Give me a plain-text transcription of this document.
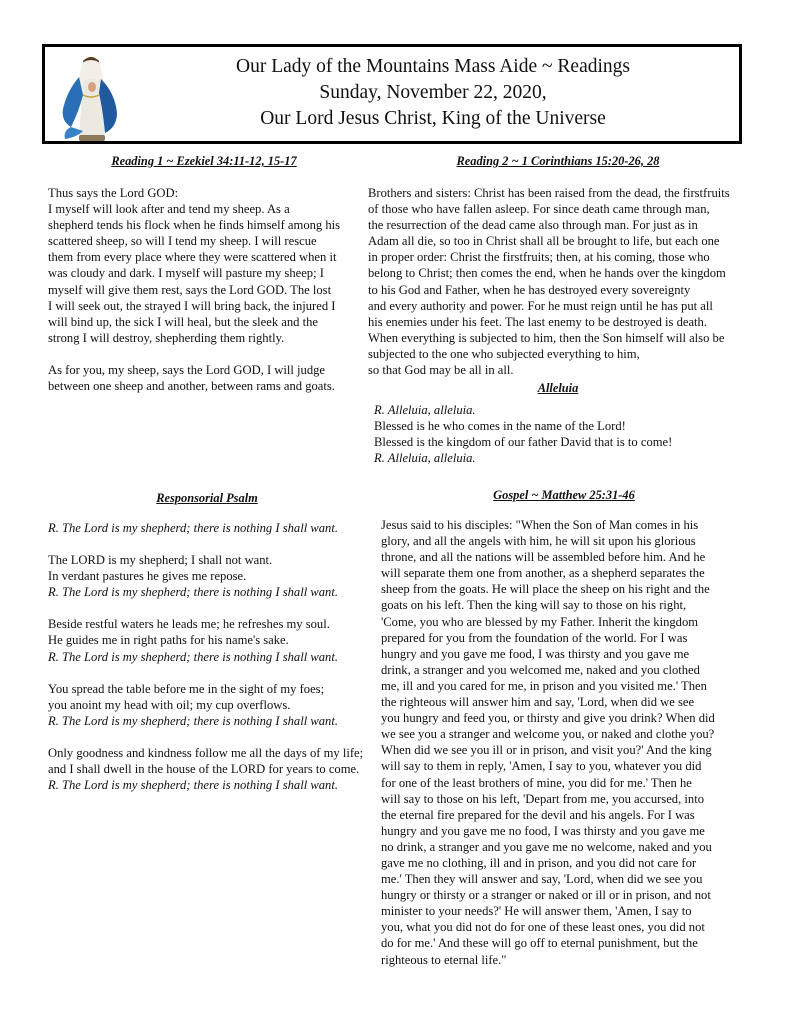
Our Lady of the Mountains Mass Aide ~ Readings
Sunday, November 22, 2020,
Our Lord Jesus Christ, King of the Universe
Reading 1 ~ Ezekiel 34:11-12, 15-17
Thus says the Lord GOD:
I myself will look after and tend my sheep. As a
shepherd tends his flock when he finds himself among his
scattered sheep, so will I tend my sheep. I will rescue
them from every place where they were scattered when it
was cloudy and dark. I myself will pasture my sheep; I
myself will give them rest, says the Lord GOD. The lost
I will seek out, the strayed I will bring back, the injured I
will bind up, the sick I will heal, but the sleek and the
strong I will destroy, shepherding them rightly.
As for you, my sheep, says the Lord GOD, I will judge
between one sheep and another, between rams and goats.
Reading 2 ~ 1 Corinthians 15:20-26, 28
Brothers and sisters: Christ has been raised from the dead, the firstfruits
of those who have fallen asleep. For since death came through man,
the resurrection of the dead came also through man. For just as in
Adam all die, so too in Christ shall all be brought to life, but each one
in proper order: Christ the firstfruits; then, at his coming, those who
belong to Christ; then comes the end, when he hands over the kingdom
to his God and Father, when he has destroyed every sovereignty
and every authority and power. For he must reign until he has put all
his enemies under his feet. The last enemy to be destroyed is death.
When everything is subjected to him, then the Son himself will also be
subjected to the one who subjected everything to him,
so that God may be all in all.
Alleluia
R. Alleluia, alleluia.
Blessed is he who comes in the name of the Lord!
Blessed is the kingdom of our father David that is to come!
R. Alleluia, alleluia.
Responsorial Psalm
R. The Lord is my shepherd; there is nothing I shall want.
The LORD is my shepherd; I shall not want.
In verdant pastures he gives me repose.
R. The Lord is my shepherd; there is nothing I shall want.
Beside restful waters he leads me; he refreshes my soul.
He guides me in right paths for his name's sake.
R. The Lord is my shepherd; there is nothing I shall want.
You spread the table before me in the sight of my foes;
you anoint my head with oil; my cup overflows.
R. The Lord is my shepherd; there is nothing I shall want.
Only goodness and kindness follow me all the days of my life;
and I shall dwell in the house of the LORD for years to come.
R. The Lord is my shepherd; there is nothing I shall want.
Gospel ~ Matthew 25:31-46
Jesus said to his disciples: "When the Son of Man comes in his
glory, and all the angels with him, he will sit upon his glorious
throne, and all the nations will be assembled before him. And he
will separate them one from another, as a shepherd separates the
sheep from the goats. He will place the sheep on his right and the
goats on his left. Then the king will say to those on his right,
'Come, you who are blessed by my Father. Inherit the kingdom
prepared for you from the foundation of the world. For I was
hungry and you gave me food, I was thirsty and you gave me
drink, a stranger and you welcomed me, naked and you clothed
me, ill and you cared for me, in prison and you visited me.' Then
the righteous will answer him and say, 'Lord, when did we see
you hungry and feed you, or thirsty and give you drink? When did
we see you a stranger and welcome you, or naked and clothe you?
When did we see you ill or in prison, and visit you?' And the king
will say to them in reply, 'Amen, I say to you, whatever you did
for one of the least brothers of mine, you did for me.' Then he
will say to those on his left, 'Depart from me, you accursed, into
the eternal fire prepared for the devil and his angels. For I was
hungry and you gave me no food, I was thirsty and you gave me
no drink, a stranger and you gave me no welcome, naked and you
gave me no clothing, ill and in prison, and you did not care for
me.' Then they will answer and say, 'Lord, when did we see you
hungry or thirsty or a stranger or naked or ill or in prison, and not
minister to your needs?' He will answer them, 'Amen, I say to
you, what you did not do for one of these least ones, you did not
do for me.' And these will go off to eternal punishment, but the
righteous to eternal life."
